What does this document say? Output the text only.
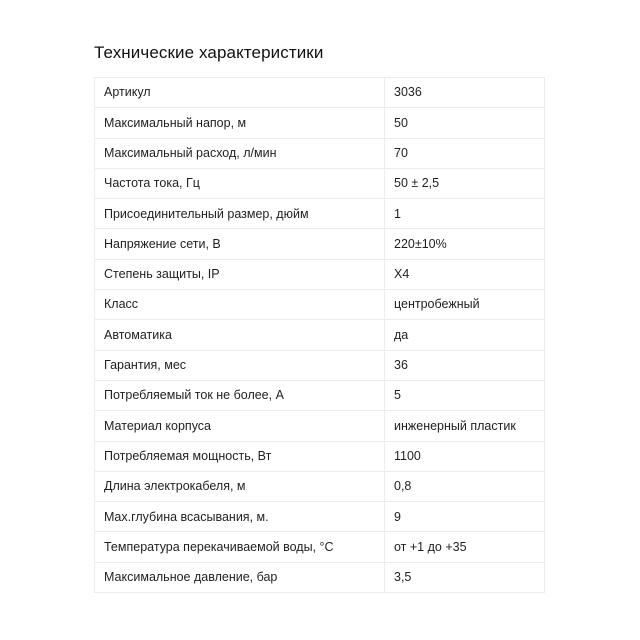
Технические характеристики
Артикул	3036
Максимальный напор, м	50
Максимальный расход, л/мин	70
Частота тока, Гц	50 ± 2,5
Присоединительный размер, дюйм	1
Напряжение сети, В	220±10%
Степень защиты, IP	X4
Класс	центробежный
Автоматика	да
Гарантия, мес	36
Потребляемый ток не более, А	5
Материал корпуса	инженерный пластик
Потребляемая мощность, Вт	1100
Длина электрокабеля, м	0,8
Max.глубина всасывания, м.	9
Температура перекачиваемой воды, °C	от +1 до +35
Максимальное давление, бар	3,5
